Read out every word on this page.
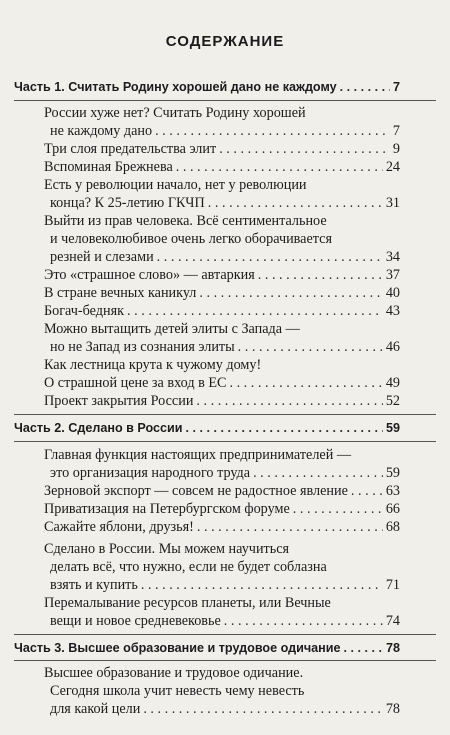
СОДЕРЖАНИЕ
Часть 1. Считать Родину хорошей дано не каждому . . .	7
России хуже нет? Считать Родину хорошей
не каждому дано . . .	7
Три слоя предательства элит . . .	9
Вспоминая Брежнева . . .	24
Есть у революции начало, нет у революции
конца? К 25-летию ГКЧП . . .	31
Выйти из прав человека. Всё сентиментальное
и человеколюбивое очень легко оборачивается
резней и слезами . . .	34
Это «страшное слово» — автаркия . . .	37
В стране вечных каникул . . .	40
Богач-бедняк . . .	43
Можно вытащить детей элиты с Запада —
но не Запад из сознания элиты . . .	46
Как лестница крута к чужому дому!
О страшной цене за вход в ЕС . . .	49
Проект закрытия России . . .	52
Часть 2. Сделано в России . . .	59
Главная функция настоящих предпринимателей —
это организация народного труда . . .	59
Зерновой экспорт — совсем не радостное явление . . .	63
Приватизация на Петербургском форуме . . .	66
Сажайте яблони, друзья! . . .	68
Сделано в России. Мы можем научиться
делать всё, что нужно, если не будет соблазна
взять и купить . . .	71
Перемалывание ресурсов планеты, или Вечные
вещи и новое средневековье . . .	74
Часть 3. Высшее образование и трудовое одичание . . .	78
Высшее образование и трудовое одичание.
Сегодня школа учит невесть чему невесть
для какой цели . . .	78
